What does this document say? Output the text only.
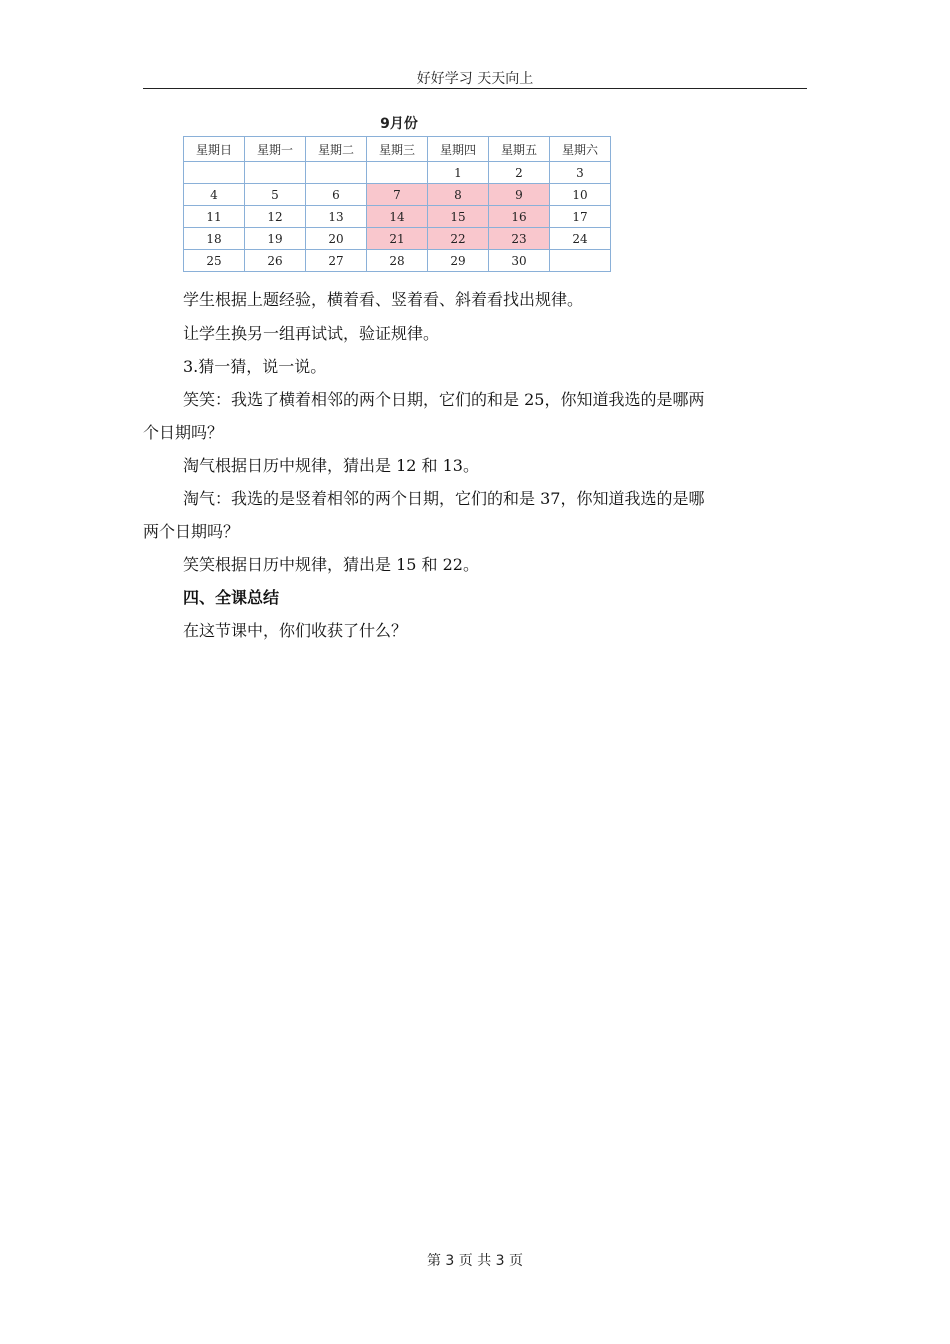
好好学习 天天向上
9月份
星期日	星期一	星期二	星期三	星期四	星期五	星期六
				1	2	3
4	5	6	7	8	9	10
11	12	13	14	15	16	17
18	19	20	21	22	23	24
25	26	27	28	29	30	
学生根据上题经验，横着看、竖着看、斜着看找出规律。
让学生换另一组再试试，验证规律。
3.猜一猜，说一说。
笑笑：我选了横着相邻的两个日期，它们的和是 25，你知道我选的是哪两
个日期吗？
淘气根据日历中规律，猜出是 12 和 13。
淘气：我选的是竖着相邻的两个日期，它们的和是 37，你知道我选的是哪
两个日期吗？
笑笑根据日历中规律，猜出是 15 和 22。
四、全课总结
在这节课中，你们收获了什么？
第 3 页 共 3 页
